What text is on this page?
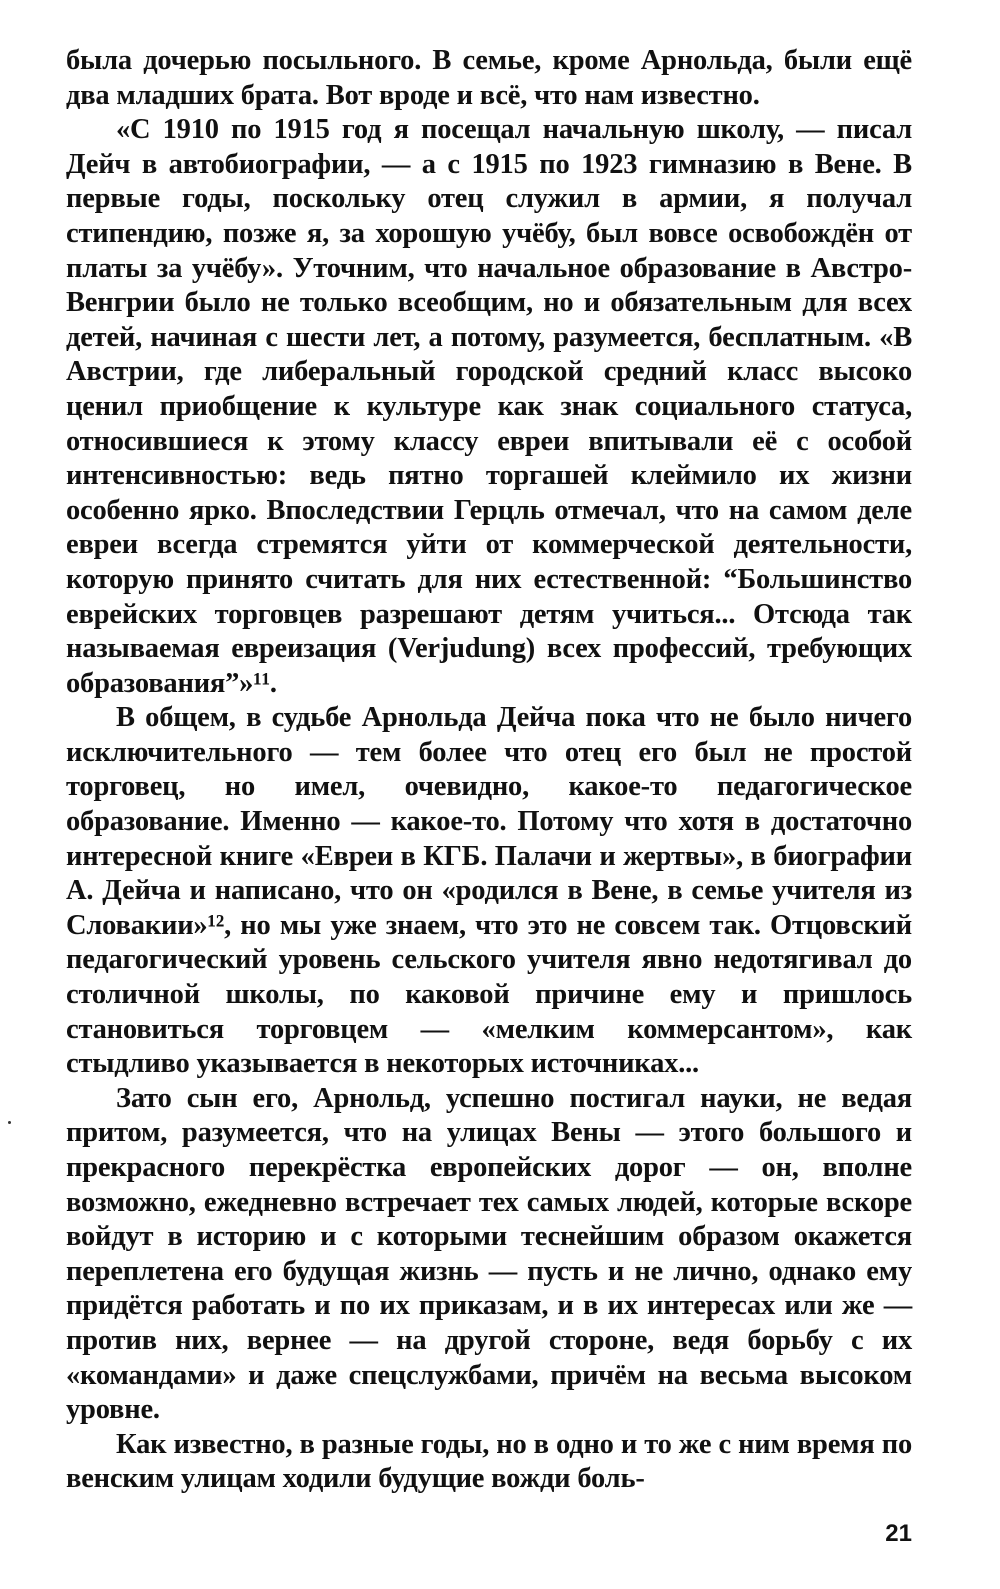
была дочерью посыльного. В семье, кроме Арнольда, были ещё два младших брата. Вот вроде и всё, что нам известно.

«С 1910 по 1915 год я посещал начальную школу, — писал Дейч в автобиографии, — а с 1915 по 1923 гимназию в Вене. В первые годы, поскольку отец служил в армии, я получал стипендию, позже я, за хорошую учёбу, был вовсе освобождён от платы за учёбу». Уточним, что начальное образование в Австро-Венгрии было не только всеобщим, но и обязательным для всех детей, начиная с шести лет, а потому, разумеется, бесплатным. «В Австрии, где либеральный городской средний класс высоко ценил приобщение к культуре как знак социального статуса, относившиеся к этому классу евреи впитывали её с особой интенсивностью: ведь пятно торгашей клеймило их жизни особенно ярко. Впоследствии Герцль отмечал, что на самом деле евреи всегда стремятся уйти от коммерческой деятельности, которую принято считать для них естественной: “Большинство еврейских торговцев разрешают детям учиться... Отсюда так называемая евреизация (Verjudung) всех профессий, требующих образования”»¹¹.

В общем, в судьбе Арнольда Дейча пока что не было ничего исключительного — тем более что отец его был не простой торговец, но имел, очевидно, какое-то педагогическое образование. Именно — какое-то. Потому что хотя в достаточно интересной книге «Евреи в КГБ. Палачи и жертвы», в биографии А. Дейча и написано, что он «родился в Вене, в семье учителя из Словакии»¹², но мы уже знаем, что это не совсем так. Отцовский педагогический уровень сельского учителя явно недотягивал до столичной школы, по каковой причине ему и пришлось становиться торговцем — «мелким коммерсантом», как стыдливо указывается в некоторых источниках...

Зато сын его, Арнольд, успешно постигал науки, не ведая притом, разумеется, что на улицах Вены — этого большого и прекрасного перекрёстка европейских дорог — он, вполне возможно, ежедневно встречает тех самых людей, которые вскоре войдут в историю и с которыми теснейшим образом окажется переплетена его будущая жизнь — пусть и не лично, однако ему придётся работать и по их приказам, и в их интересах или же — против них, вернее — на другой стороне, ведя борьбу с их «командами» и даже спецслужбами, причём на весьма высоком уровне.

Как известно, в разные годы, но в одно и то же с ним время по венским улицам ходили будущие вожди боль-

21
